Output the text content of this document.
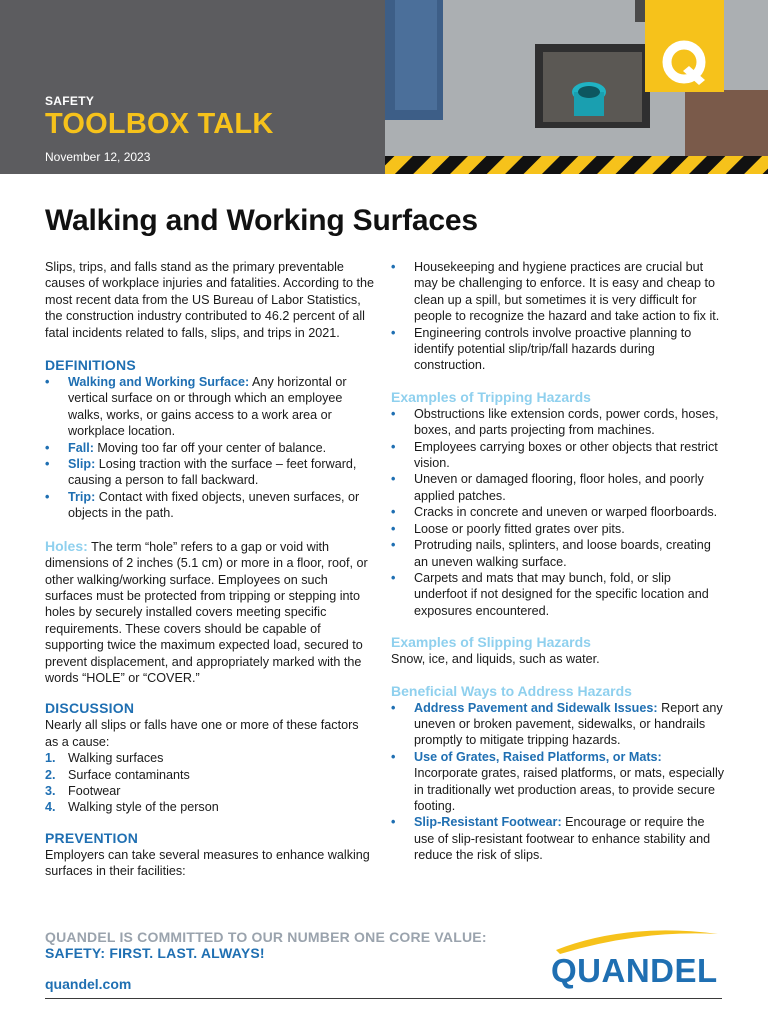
SAFETY
TOOLBOX TALK
November 12, 2023
Walking and Working Surfaces

Slips, trips, and falls stand as the primary preventable causes of workplace injuries and fatalities. According to the most recent data from the US Bureau of Labor Statistics, the construction industry contributed to 46.2 percent of all fatal incidents related to falls, slips, and trips in 2021.

DEFINITIONS
• Walking and Working Surface: Any horizontal or vertical surface on or through which an employee walks, works, or gains access to a work area or workplace location.
• Fall: Moving too far off your center of balance.
• Slip: Losing traction with the surface – feet forward, causing a person to fall backward.
• Trip: Contact with fixed objects, uneven surfaces, or objects in the path.

Holes: The term “hole” refers to a gap or void with dimensions of 2 inches (5.1 cm) or more in a floor, roof, or other walking/working surface. Employees on such surfaces must be protected from tripping or stepping into holes by securely installed covers meeting specific requirements. These covers should be capable of supporting twice the maximum expected load, secured to prevent displacement, and appropriately marked with the words “HOLE” or “COVER.”

DISCUSSION

Nearly all slips or falls have one or more of these factors as a cause:

1. Walking surfaces
2. Surface contaminants
3. Footwear
4. Walking style of the person
PREVENTION

Employers can take several measures to enhance walking surfaces in their facilities:

• Housekeeping and hygiene practices are crucial but may be challenging to enforce. It is easy and cheap to clean up a spill, but sometimes it is very difficult for people to recognize the hazard and take action to fix it.
• Engineering controls involve proactive planning to identify potential slip/trip/fall hazards during construction.
Examples of Tripping Hazards
• Obstructions like extension cords, power cords, hoses, boxes, and parts projecting from machines.
• Employees carrying boxes or other objects that restrict vision.
• Uneven or damaged flooring, floor holes, and poorly applied patches.
• Cracks in concrete and uneven or warped floorboards.
• Loose or poorly fitted grates over pits.
• Protruding nails, splinters, and loose boards, creating an uneven walking surface.
• Carpets and mats that may bunch, fold, or slip underfoot if not designed for the specific location and exposures encountered.
Examples of Slipping Hazards

Snow, ice, and liquids, such as water.

Beneficial Ways to Address Hazards
• Address Pavement and Sidewalk Issues: Report any uneven or broken pavement, sidewalks, or handrails promptly to mitigate tripping hazards.
• Use of Grates, Raised Platforms, or Mats: Incorporate grates, raised platforms, or mats, especially in traditionally wet production areas, to provide secure footing.
• Slip-Resistant Footwear: Encourage or require the use of slip-resistant footwear to enhance stability and reduce the risk of slips.
QUANDEL IS COMMITTED TO OUR NUMBER ONE CORE VALUE:
SAFETY: FIRST. LAST. ALWAYS!
quandel.com	QUANDEL
